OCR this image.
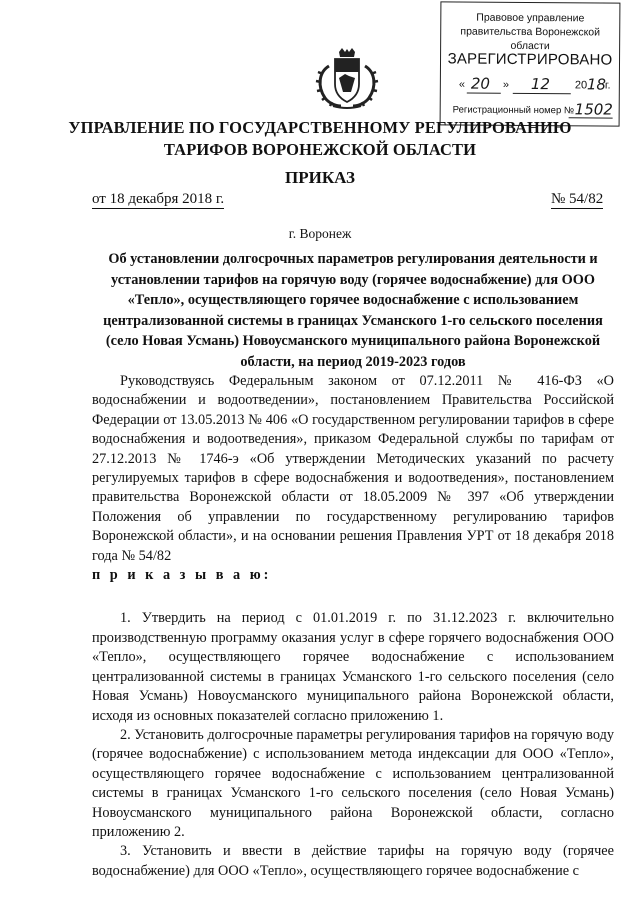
Правовое управление правительства Воронежской области
ЗАРЕГИСТРИРОВАНО
« 20 » 12 20 18
г.
Регистрационный номер № 1502
УПРАВЛЕНИЕ ПО ГОСУДАРСТВЕННОМУ РЕГУЛИРОВАНИЮ
ТАРИФОВ ВОРОНЕЖСКОЙ ОБЛАСТИ
ПРИКАЗ
от 18 декабря 2018 г.	№ 54/82
г. Воронеж
Об установлении долгосрочных параметров регулирования деятельности и установлении тарифов на горячую воду (горячее водоснабжение) для ООО «Тепло», осуществляющего горячее водоснабжение с использованием централизованной системы в границах Усманского 1-го сельского поселения (село Новая Усмань) Новоусманского муниципального района Воронежской области, на период 2019-2023 годов

Руководствуясь Федеральным законом от 07.12.2011 № 416-ФЗ «О водоснабжении и водоотведении», постановлением Правительства Российской Федерации от 13.05.2013 № 406 «О государственном регулировании тарифов в сфере водоснабжения и водоотведения», приказом Федеральной службы по тарифам от 27.12.2013 № 1746-э «Об утверждении Методических указаний по расчету регулируемых тарифов в сфере водоснабжения и водоотведения», постановлением правительства Воронежской области от 18.05.2009 № 397 «Об утверждении Положения об управлении по государственному регулированию тарифов Воронежской области», и на основании решения Правления УРТ от 18 декабря 2018 года № 54/82

п р и к а з ы в а ю:

1. Утвердить на период с 01.01.2019 г. по 31.12.2023 г. включительно производственную программу оказания услуг в сфере горячего водоснабжения ООО «Тепло», осуществляющего горячее водоснабжение с использованием централизованной системы в границах Усманского 1-го сельского поселения (село Новая Усмань) Новоусманского муниципального района Воронежской области, исходя из основных показателей согласно приложению 1.

2. Установить долгосрочные параметры регулирования тарифов на горячую воду (горячее водоснабжение) с использованием метода индексации для ООО «Тепло», осуществляющего горячее водоснабжение с использованием централизованной системы в границах Усманского 1-го сельского поселения (село Новая Усмань) Новоусманского муниципального района Воронежской области, согласно приложению 2.

3. Установить и ввести в действие тарифы на горячую воду (горячее водоснабжение) для ООО «Тепло», осуществляющего горячее водоснабжение с
